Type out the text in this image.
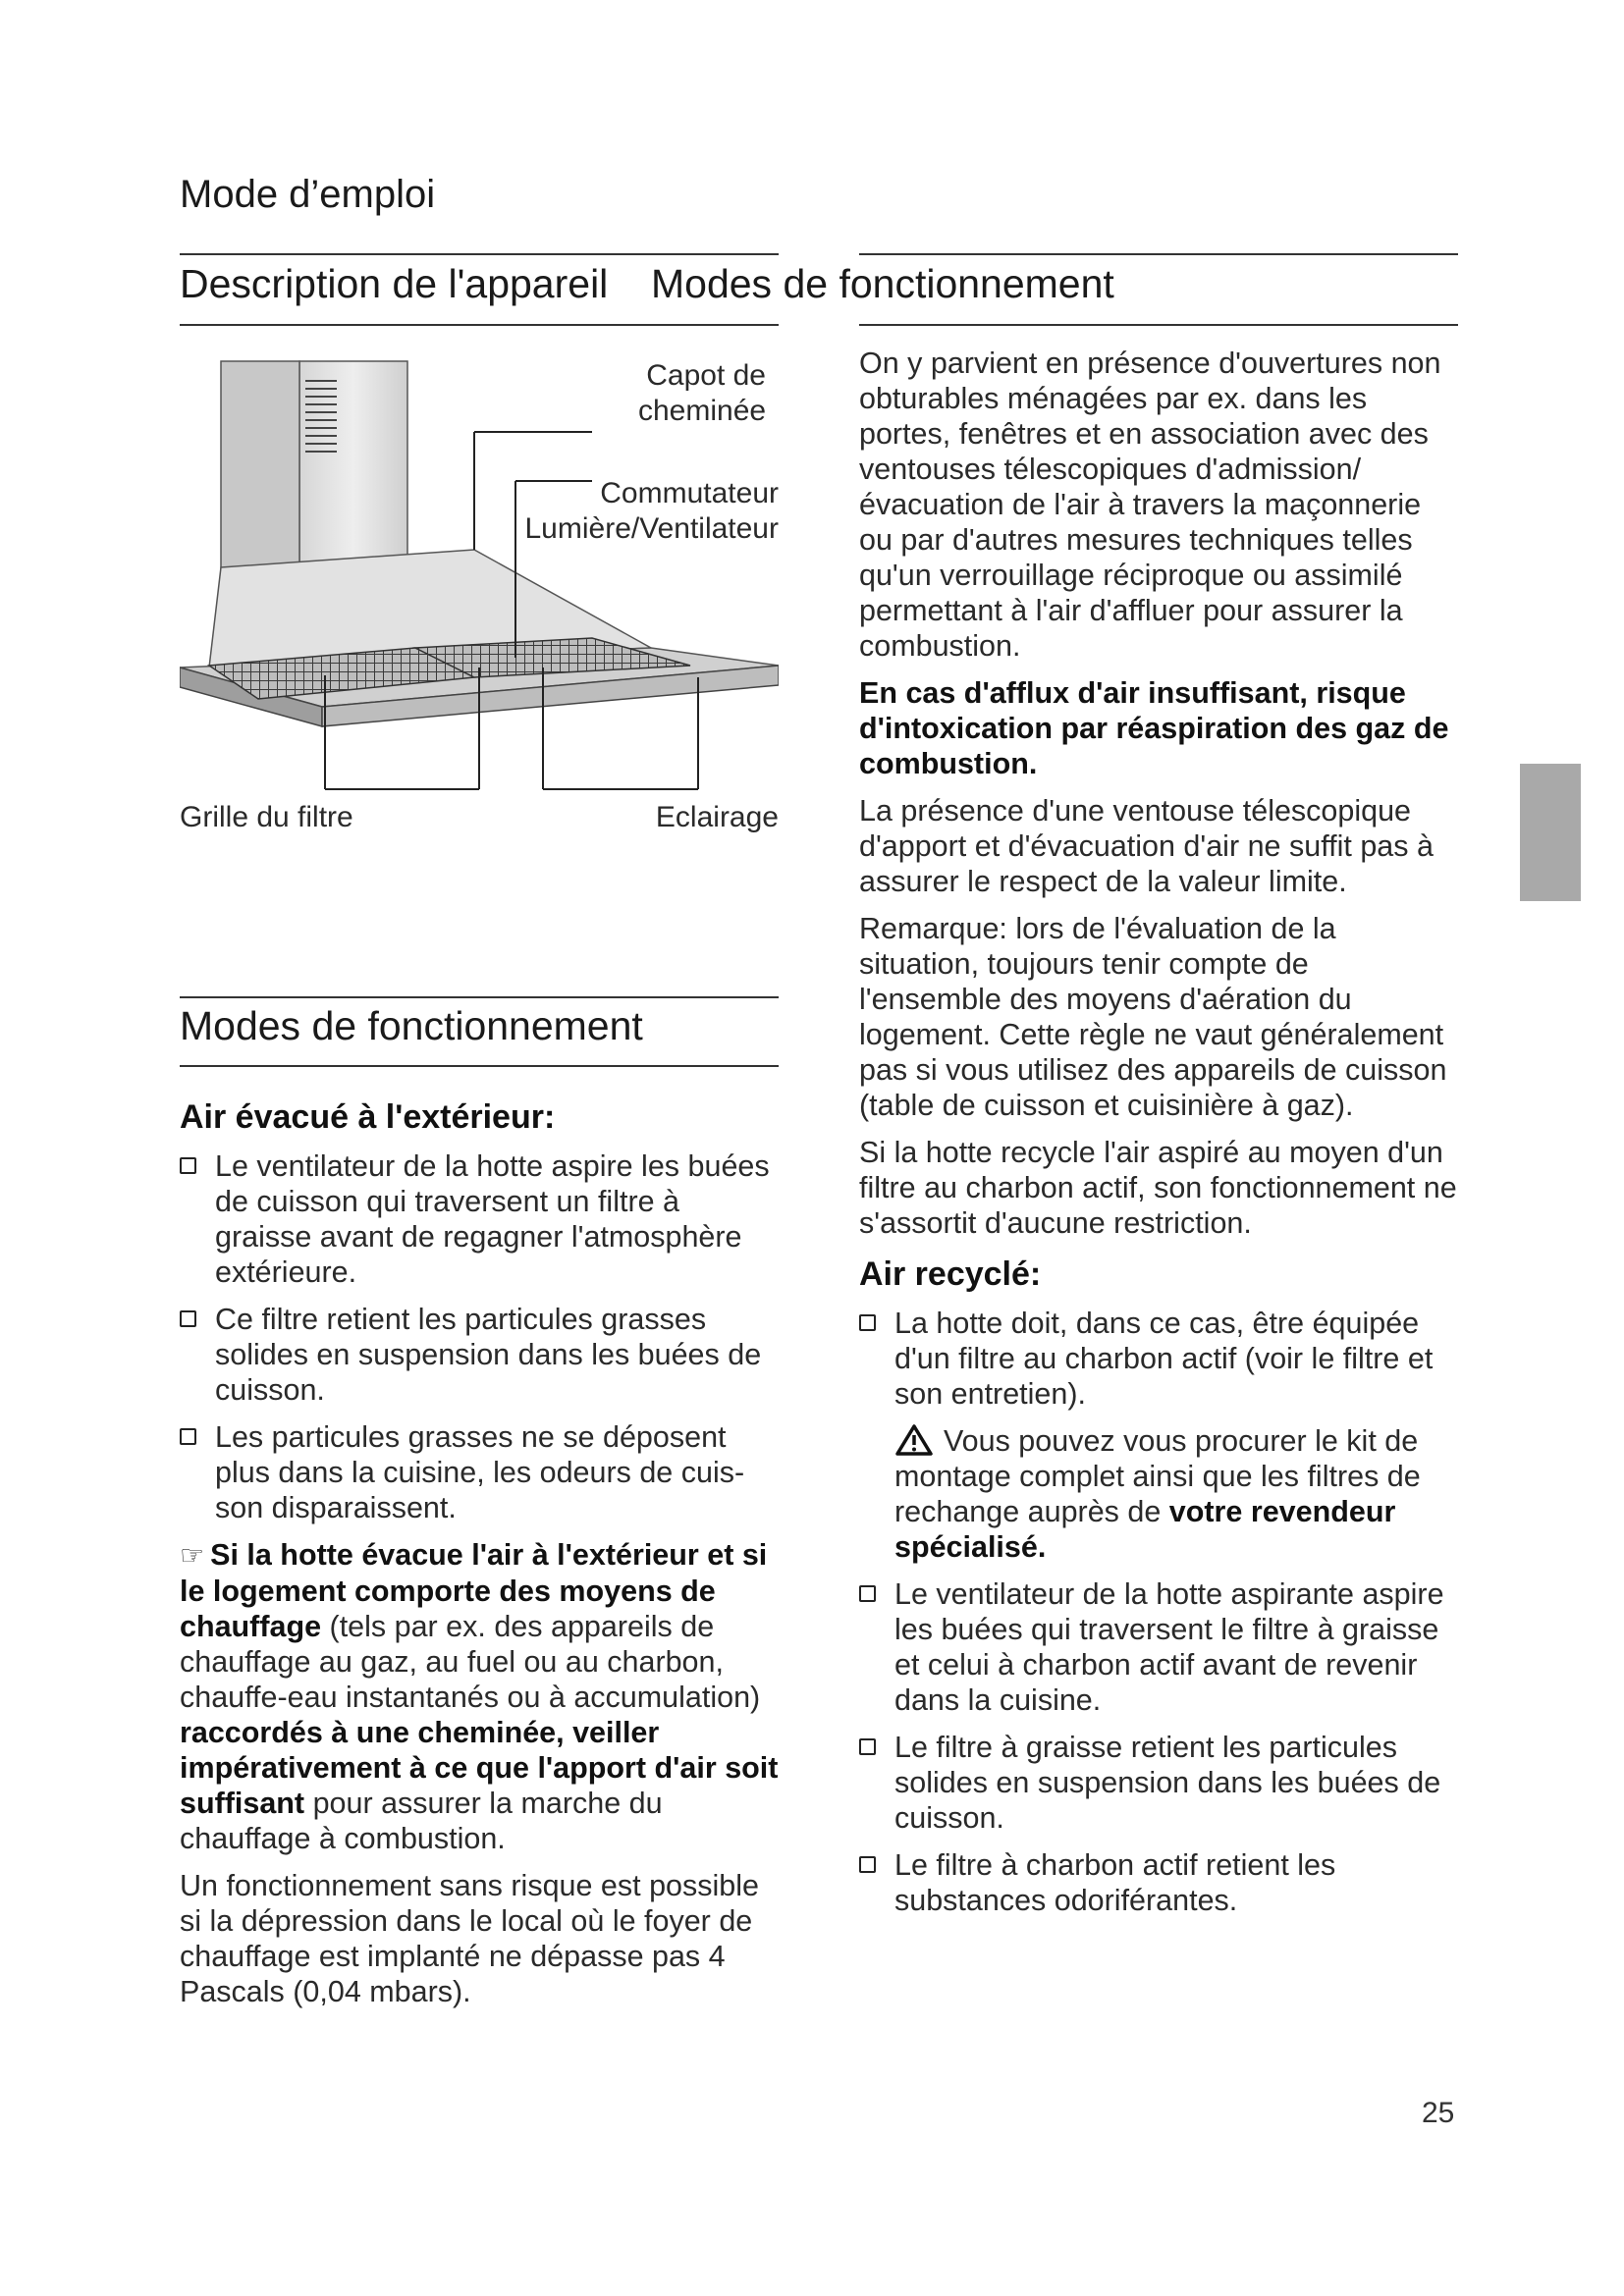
Mode d’emploi
Description de l'appareil Modes de fonctionnement
Capot de
cheminée
Commutateur
Lumière/Ventilateur
Grille du filtre	Eclairage
Modes de fonctionnement
Air évacué à l'extérieur:
Le ventilateur de la hotte aspire les buées de cuisson qui traversent un filtre à graisse avant de regagner l'atmosphère extérieure.
Ce filtre retient les particules grasses solides en suspension dans les buées de cuisson.
Les particules grasses ne se déposent plus dans la cuisine, les odeurs de cuis-son disparaissent.

☞ Si la hotte évacue l'air à l'extérieur et si le logement comporte des moyens de chauffage (tels par ex. des appareils de chauffage au gaz, au fuel ou au charbon, chauffe-eau instantanés ou à accumulation) raccordés à une cheminée, veiller impérativement à ce que l'apport d'air soit suffisant pour assurer la marche du chauffage à combustion.

Un fonctionnement sans risque est possible si la dépression dans le local où le foyer de chauffage est implanté ne dépasse pas 4 Pascals (0,04 mbars).

On y parvient en présence d'ouvertures non obturables ménagées par ex. dans les portes, fenêtres et en association avec des ventouses télescopiques d'admission/ évacuation de l'air à travers la maçonnerie ou par d'autres mesures techniques telles qu'un verrouillage réciproque ou assimilé permettant à l'air d'affluer pour assurer la combustion.

En cas d'afflux d'air insuffisant, risque d'intoxication par réaspiration des gaz de combustion.

La présence d'une ventouse télescopique d'apport et d'évacuation d'air ne suffit pas à assurer le respect de la valeur limite.

Remarque: lors de l'évaluation de la situation, toujours tenir compte de l'ensemble des moyens d'aération du logement. Cette règle ne vaut généralement pas si vous utilisez des appareils de cuisson (table de cuisson et cuisinière à gaz).

Si la hotte recycle l'air aspiré au moyen d'un filtre au charbon actif, son fonctionnement ne s'assortit d'aucune restriction.

Air recyclé:
La hotte doit, dans ce cas, être équipée d'un filtre au charbon actif (voir le filtre et son entretien).
Vous pouvez vous procurer le kit de montage complet ainsi que les filtres de rechange auprès de votre revendeur spécialisé.
Le ventilateur de la hotte aspirante aspire les buées qui traversent le filtre à graisse et celui à charbon actif avant de revenir dans la cuisine.
Le filtre à graisse retient les particules solides en suspension dans les buées de cuisson.
Le filtre à charbon actif retient les substances odoriférantes.
25
